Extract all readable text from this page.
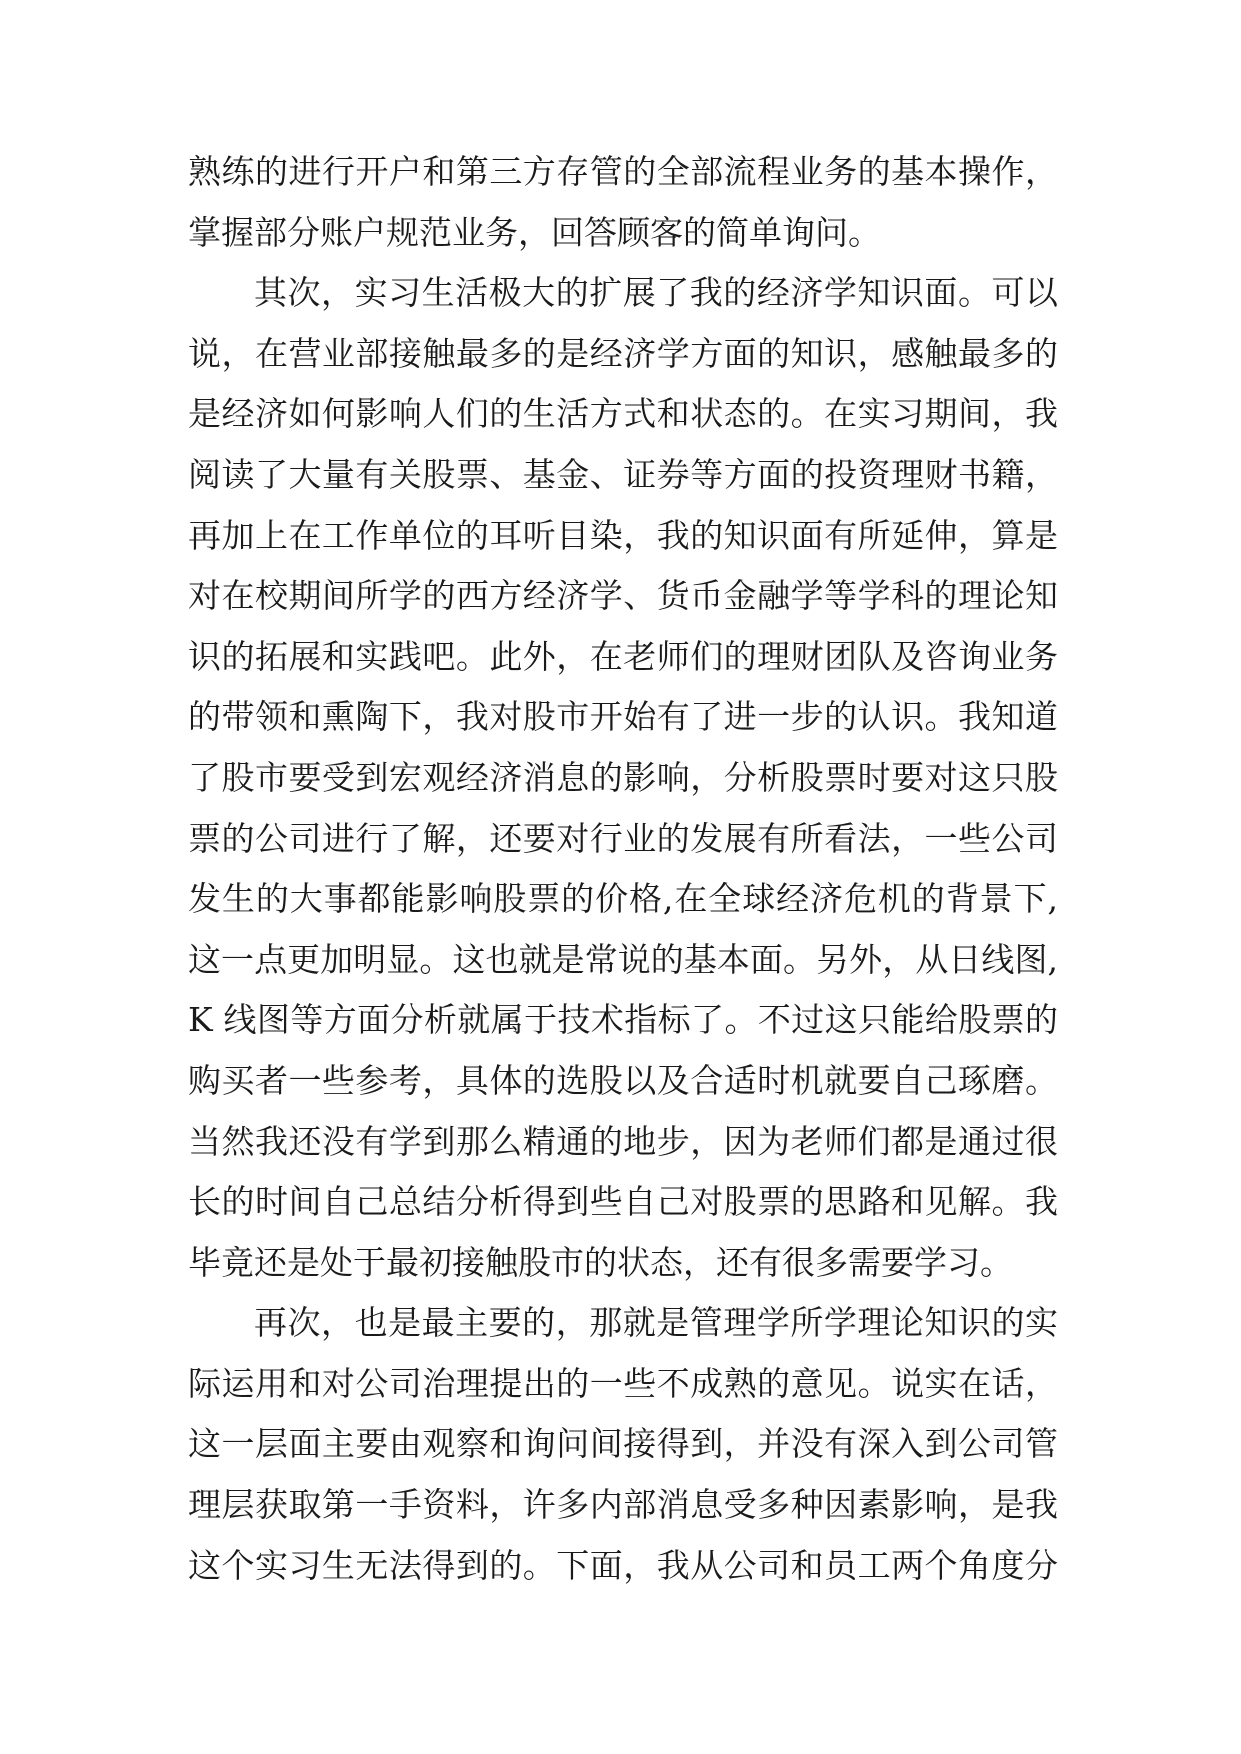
熟练的进行开户和第三方存管的全部流程业务的基本操作，
掌握部分账户规范业务，回答顾客的简单询问。
其次，实习生活极大的扩展了我的经济学知识面。可以
说，在营业部接触最多的是经济学方面的知识，感触最多的
是经济如何影响人们的生活方式和状态的。在实习期间，我
阅读了大量有关股票、基金、证券等方面的投资理财书籍，
再加上在工作单位的耳听目染，我的知识面有所延伸，算是
对在校期间所学的西方经济学、货币金融学等学科的理论知
识的拓展和实践吧。此外，在老师们的理财团队及咨询业务
的带领和熏陶下，我对股市开始有了进一步的认识。我知道
了股市要受到宏观经济消息的影响，分析股票时要对这只股
票的公司进行了解，还要对行业的发展有所看法，一些公司
发生的大事都能影响股票的价格,在全球经济危机的背景下,
这一点更加明显。这也就是常说的基本面。另外，从日线图,
K 线图等方面分析就属于技术指标了。不过这只能给股票的
购买者一些参考，具体的选股以及合适时机就要自己琢磨。
当然我还没有学到那么精通的地步，因为老师们都是通过很
长的时间自己总结分析得到些自己对股票的思路和见解。我
毕竟还是处于最初接触股市的状态，还有很多需要学习。
再次，也是最主要的，那就是管理学所学理论知识的实
际运用和对公司治理提出的一些不成熟的意见。说实在话，
这一层面主要由观察和询问间接得到，并没有深入到公司管
理层获取第一手资料，许多内部消息受多种因素影响，是我
这个实习生无法得到的。下面，我从公司和员工两个角度分
